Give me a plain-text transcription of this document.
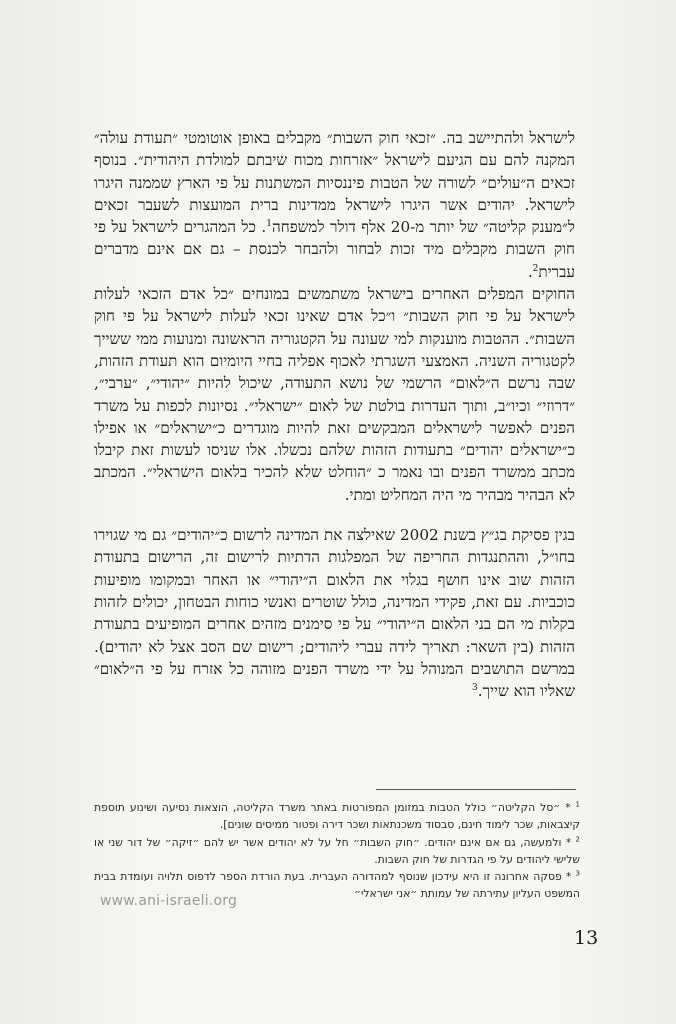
לישראל ולהתיישב בה. ״זכאי חוק השבות״ מקבלים באופן אוטומטי ״תעודת עולה״ המקנה להם עם הגיעם לישראל ״אזרחות מכוח שיבתם למולדת היהודית״. בנוסף זכאים ה״עולים״ לשורה של הטבות פיננסיות המשתנות על פי הארץ שממנה היגרו לישראל. יהודים אשר היגרו לישראל ממדינות ברית המועצות לשעבר זכאים ל״מענק קליטה״ של יותר מ-20 אלף דולר למשפחה$^1$. כל המהגרים לישראל על פי חוק השבות מקבלים מיד זכות לבחור ולהבחר לכנסת – גם אם אינם מדברים עברית$^2$.

החוקים המפלים האחרים בישראל משתמשים במונחים ״כל אדם הזכאי לעלות לישראל על פי חוק השבות״ ו״כל אדם שאינו זכאי לעלות לישראל על פי חוק השבות״. ההטבות מוענקות למי שעונה על הקטגוריה הראשונה ומנועות ממי ששייך לקטגוריה השניה. האמצעי השגרתי לאכוף אפליה בחיי היומיום הוא תעודת הזהות, שבה נרשם ה״לאום״ הרשמי של נושא התעודה, שיכול להיות ״יהודי״, ״ערבי״, ״דרוזי״ וכיו״ב, ותוך העדרות בולטת של לאום ״ישראלי״. נסיונות לכפות על משרד הפנים לאפשר לישראלים המבקשים זאת להיות מוגדרים כ״ישראלים״ או אפילו כ״ישראלים יהודים״ בתעודות הזהות שלהם נכשלו. אלו שניסו לעשות זאת קיבלו מכתב ממשרד הפנים ובו נאמר כ ״הוחלט שלא להכיר בלאום הישראלי״. המכתב לא הבהיר מבהיר מי היה המחליט ומתי.

בגין פסיקת בג״ץ בשנת 2002 שאילצה את המדינה לרשום כ״יהודים״ גם מי שגוירו בחו״ל, וההתנגדות החריפה של המפלגות הדתיות לרישום זה, הרישום בתעודת הזהות שוב אינו חושף בגלוי את הלאום ה״יהודי״ או האחר ובמקומו מופיעות כוכביות. עם זאת, פקידי המדינה, כולל שוטרים ואנשי כוחות הבטחון, יכולים לזהות בקלות מי הם בני הלאום ה״יהודי״ על פי סימנים מזהים אחרים המופיעים בתעודת הזהות (בין השאר: תאריך לידה עברי ליהודים; רישום שם הסב אצל לא יהודים). במרשם התושבים המנוהל על ידי משרד הפנים מזוהה כל אזרח על פי ה״לאום״ שאליו הוא שייך.$^3$

$^1$ * ״סל הקליטה״ כולל הטבות במזומן המפורטות באתר משרד הקליטה, הוצאות נסיעה ושינוע תוספת קיצבאות, שכר לימוד חינם, סבסוד משכנתאות ושכר דירה ופטור ממיסים שונים].

$^2$ * ולמעשה, גם אם אינם יהודים. ״חוק השבות״ חל על לא יהודים אשר יש להם ״זיקה״ של דור שני או שלישי ליהודים על פי הגדרות של חוק השבות.

$^3$ * פסקה אחרונה זו היא עידכון שנוסף למהדורה העברית. בעת הורדת הספר לדפוס תלויה ועומדת בבית המשפט העליון עתירתה של עמותת ״אני ישראלי״

www.ani-israeli.org
13
